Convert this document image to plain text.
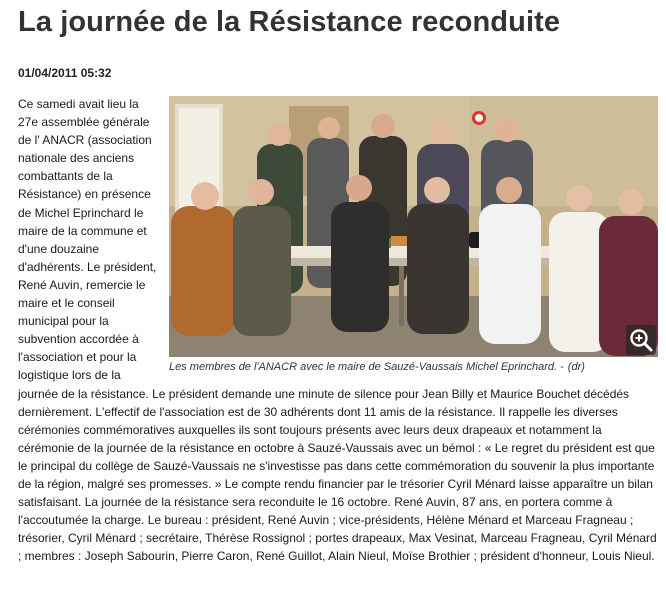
La journée de la Résistance reconduite
01/04/2011 05:32
Les membres de l'ANACR avec le maire de Sauzé-Vaussais Michel Eprinchard. - (dr)
Ce samedi avait lieu la 27e assemblée générale de l' ANACR (association nationale des anciens combattants de la Résistance) en présence de Michel Eprinchard le maire de la commune et d'une douzaine d'adhérents. Le président, René Auvin, remercie le maire et le conseil municipal pour la subvention accordée à l'association et pour la logistique lors de la journée de la résistance. Le président demande une minute de silence pour Jean Billy et Maurice Bouchet décédés dernièrement. L'effectif de l'association est de 30 adhérents dont 11 amis de la résistance. Il rappelle les diverses cérémonies commémoratives auxquelles ils sont toujours présents avec leurs deux drapeaux et notamment la cérémonie de la journée de la résistance en octobre à Sauzé-Vaussais avec un bémol : « Le regret du président est que le principal du collège de Sauzé-Vaussais ne s'investisse pas dans cette commémoration du souvenir la plus importante de la région, malgré ses promesses. » Le compte rendu financier par le trésorier Cyril Ménard laisse apparaître un bilan satisfaisant. La journée de la résistance sera reconduite le 16 octobre. René Auvin, 87 ans, en portera comme à l'accoutumée la charge. Le bureau : président, René Auvin ; vice-présidents, Hélène Ménard et Marceau Fragneau ; trésorier, Cyril Ménard ; secrétaire, Thérèse Rossignol ; portes drapeaux, Max Vesinat, Marceau Fragneau, Cyril Ménard ; membres : Joseph Sabourin, Pierre Caron, René Guillot, Alain Nieul, Moïse Brothier ; président d'honneur, Louis Nieul.
